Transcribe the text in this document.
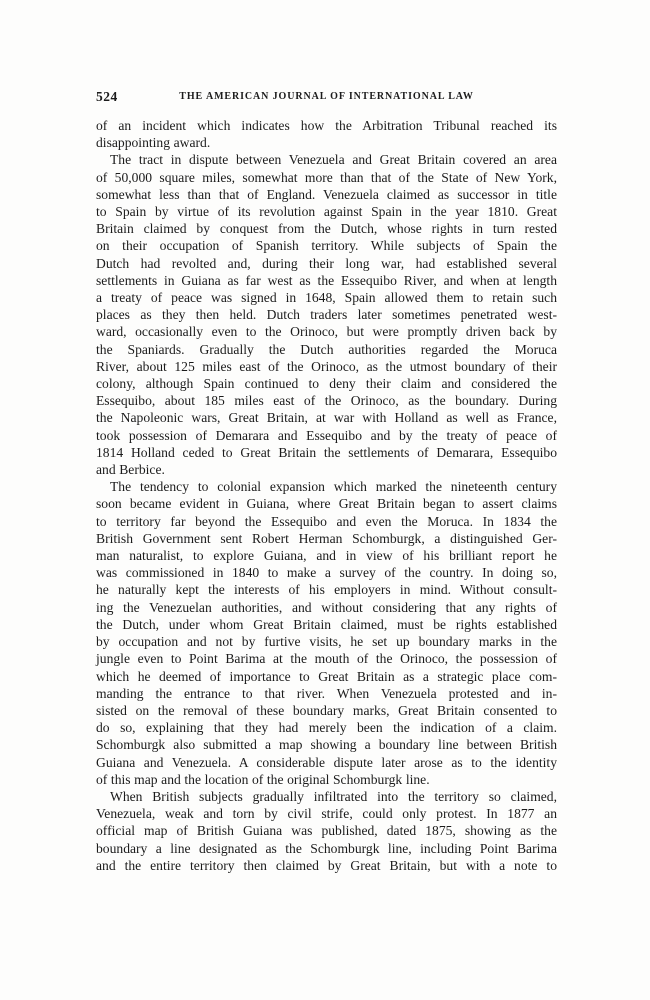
524	THE AMERICAN JOURNAL OF INTERNATIONAL LAW
of an incident which indicates how the Arbitration Tribunal reached its
disappointing award.
The tract in dispute between Venezuela and Great Britain covered an area
of 50,000 square miles, somewhat more than that of the State of New York,
somewhat less than that of England. Venezuela claimed as successor in title
to Spain by virtue of its revolution against Spain in the year 1810. Great
Britain claimed by conquest from the Dutch, whose rights in turn rested
on their occupation of Spanish territory. While subjects of Spain the
Dutch had revolted and, during their long war, had established several
settlements in Guiana as far west as the Essequibo River, and when at length
a treaty of peace was signed in 1648, Spain allowed them to retain such
places as they then held. Dutch traders later sometimes penetrated west-
ward, occasionally even to the Orinoco, but were promptly driven back by
the Spaniards. Gradually the Dutch authorities regarded the Moruca
River, about 125 miles east of the Orinoco, as the utmost boundary of their
colony, although Spain continued to deny their claim and considered the
Essequibo, about 185 miles east of the Orinoco, as the boundary. During
the Napoleonic wars, Great Britain, at war with Holland as well as France,
took possession of Demarara and Essequibo and by the treaty of peace of
1814 Holland ceded to Great Britain the settlements of Demarara, Essequibo
and Berbice.
The tendency to colonial expansion which marked the nineteenth century
soon became evident in Guiana, where Great Britain began to assert claims
to territory far beyond the Essequibo and even the Moruca. In 1834 the
British Government sent Robert Herman Schomburgk, a distinguished Ger-
man naturalist, to explore Guiana, and in view of his brilliant report he
was commissioned in 1840 to make a survey of the country. In doing so,
he naturally kept the interests of his employers in mind. Without consult-
ing the Venezuelan authorities, and without considering that any rights of
the Dutch, under whom Great Britain claimed, must be rights established
by occupation and not by furtive visits, he set up boundary marks in the
jungle even to Point Barima at the mouth of the Orinoco, the possession of
which he deemed of importance to Great Britain as a strategic place com-
manding the entrance to that river. When Venezuela protested and in-
sisted on the removal of these boundary marks, Great Britain consented to
do so, explaining that they had merely been the indication of a claim.
Schomburgk also submitted a map showing a boundary line between British
Guiana and Venezuela. A considerable dispute later arose as to the identity
of this map and the location of the original Schomburgk line.
When British subjects gradually infiltrated into the territory so claimed,
Venezuela, weak and torn by civil strife, could only protest. In 1877 an
official map of British Guiana was published, dated 1875, showing as the
boundary a line designated as the Schomburgk line, including Point Barima
and the entire territory then claimed by Great Britain, but with a note to
